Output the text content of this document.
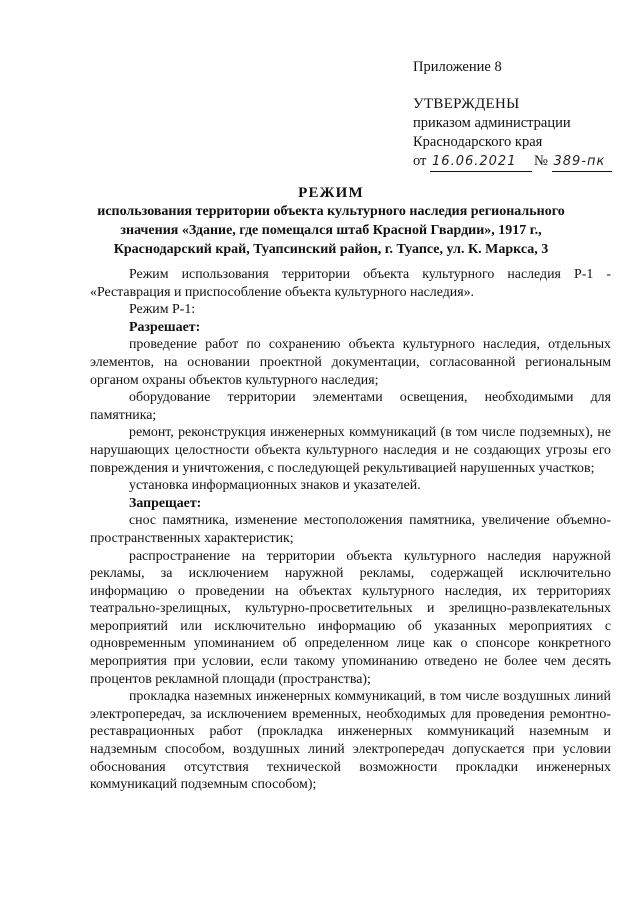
Приложение 8
УТВЕРЖДЕНЫ
приказом администрации
Краснодарского края
от 16.06.2021 № 389-пк
РЕЖИМ
использования территории объекта культурного наследия регионального
значения «Здание, где помещался штаб Красной Гвардии», 1917 г.,
Краснодарский край, Туапсинский район, г. Туапсе, ул. К. Маркса, 3

Режим использования территории объекта культурного наследия Р-1 - «Реставрация и приспособление объекта культурного наследия».

Режим Р-1:

Разрешает:

проведение работ по сохранению объекта культурного наследия, отдельных элементов, на основании проектной документации, согласованной региональным органом охраны объектов культурного наследия;

оборудование территории элементами освещения, необходимыми для памятника;

ремонт, реконструкция инженерных коммуникаций (в том числе подземных), не нарушающих целостности объекта культурного наследия и не создающих угрозы его повреждения и уничтожения, с последующей рекультивацией нарушенных участков;

установка информационных знаков и указателей.

Запрещает:

снос памятника, изменение местоположения памятника, увеличение объемно-пространственных характеристик;

распространение на территории объекта культурного наследия наружной рекламы, за исключением наружной рекламы, содержащей исключительно информацию о проведении на объектах культурного наследия, их территориях театрально-зрелищных, культурно-просветительных и зрелищно-развлекательных мероприятий или исключительно информацию об указанных мероприятиях с одновременным упоминанием об определенном лице как о спонсоре конкретного мероприятия при условии, если такому упоминанию отведено не более чем десять процентов рекламной площади (пространства);

прокладка наземных инженерных коммуникаций, в том числе воздушных линий электропередач, за исключением временных, необходимых для проведения ремонтно-реставрационных работ (прокладка инженерных коммуникаций наземным и надземным способом, воздушных линий электропередач допускается при условии обоснования отсутствия технической возможности прокладки инженерных коммуникаций подземным способом);
